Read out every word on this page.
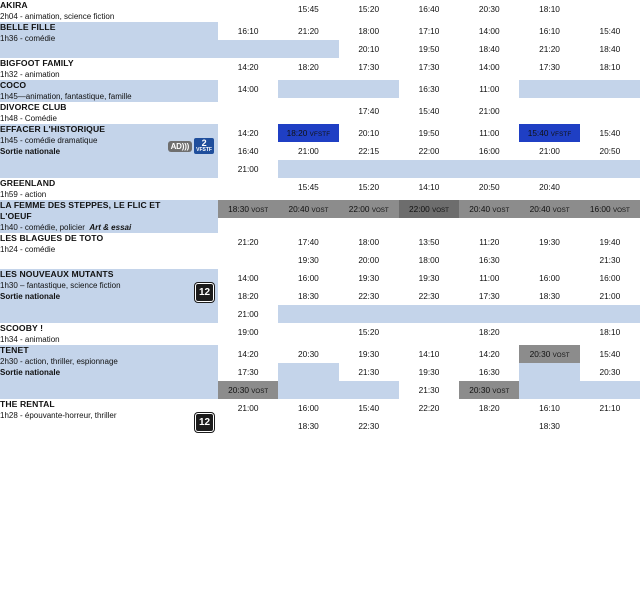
AKIRA
2h04 - animation, science fiction

	15:45	15:20	16:40	20:30	18:10	

BELLE FILLE
1h36 - comédie

16:10	21:20	18:00	17:10	14:00	16:10	15:40
		20:10	19:50	18:40	21:20	18:40

BIGFOOT FAMILY
1h32 - animation

14:20	18:20	17:30	17:30	14:00	17:30	18:10

COCO
1h45—animation, fantastique, famille

14:00			16:30	11:00		

DIVORCE CLUB
1h48 - Comédie

		17:40	15:40	21:00		

AD)))	2
VFSTF
EFFACER L'HISTORIQUE
1h45 - comédie dramatique
Sortie nationale

14:20	18:20 VFSTF	20:10	19:50	11:00	15:40 VFSTF	15:40
16:40	21:00	22:15	22:00	16:00	21:00	20:50
21:00						

GREENLAND
1h59 - action

	15:45	15:20	14:10	20:50	20:40	

LA FEMME DES STEPPES, LE FLIC ET L'OEUF
1h40 - comédie, policier  Art & essai

18:30 VOST	20:40 VOST	22:00 VOST	22:00 VOST	20:40 VOST	20:40 VOST	16:00 VOST

LES BLAGUES DE TOTO
1h24 - comédie

21:20	17:40	18:00	13:50	11:20	19:30	19:40
	19:30	20:00	18:00	16:30		21:30

12
LES NOUVEAUX MUTANTS
1h30 – fantastique, science fiction
Sortie nationale

14:00	16:00	19:30	19:30	11:00	16:00	16:00
18:20	18:30	22:30	22:30	17:30	18:30	21:00
21:00						

SCOOBY !
1h34 - animation

19:00		15:20		18:20		18:10

TENET
2h30 - action, thriller, espionnage
Sortie nationale

14:20	20:30	19:30	14:10	14:20	20:30 VOST	15:40
17:30		21:30	19:30	16:30		20:30
20:30 VOST			21:30	20:30 VOST		

12
THE RENTAL
1h28 - épouvante-horreur, thriller

21:00	16:00	15:40	22:20	18:20	16:10	21:10
	18:30	22:30			18:30	
